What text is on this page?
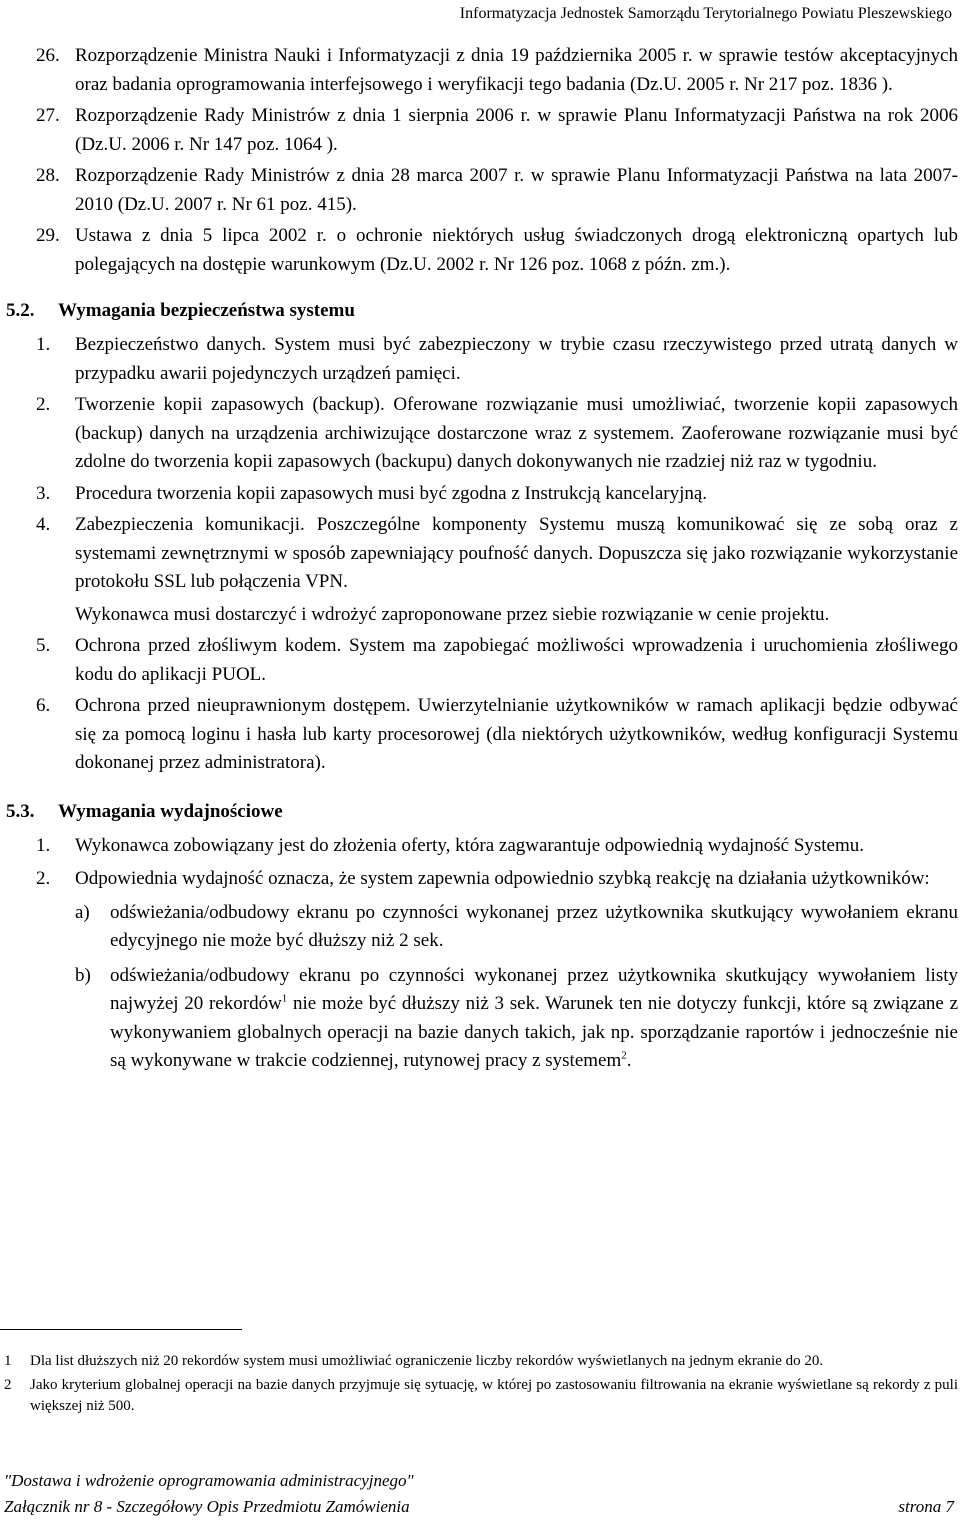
Informatyzacja Jednostek Samorządu Terytorialnego Powiatu Pleszewskiego
26. Rozporządzenie Ministra Nauki i Informatyzacji z dnia 19 października 2005 r. w sprawie testów akceptacyjnych oraz badania oprogramowania interfejsowego i weryfikacji tego badania (Dz.U. 2005 r. Nr 217 poz. 1836 ).
27. Rozporządzenie Rady Ministrów z dnia 1 sierpnia 2006 r. w sprawie Planu Informatyzacji Państwa na rok 2006 (Dz.U. 2006 r. Nr 147 poz. 1064 ).
28. Rozporządzenie Rady Ministrów z dnia 28 marca 2007 r. w sprawie Planu Informatyzacji Państwa na lata 2007-2010 (Dz.U. 2007 r. Nr 61 poz. 415).
29. Ustawa z dnia 5 lipca 2002 r. o ochronie niektórych usług świadczonych drogą elektroniczną opartych lub polegających na dostępie warunkowym (Dz.U. 2002 r. Nr 126 poz. 1068 z późn. zm.).
5.2. Wymagania bezpieczeństwa systemu
1. Bezpieczeństwo danych. System musi być zabezpieczony w trybie czasu rzeczywistego przed utratą danych w przypadku awarii pojedynczych urządzeń pamięci.
2. Tworzenie kopii zapasowych (backup). Oferowane rozwiązanie musi umożliwiać, tworzenie kopii zapasowych (backup) danych na urządzenia archiwizujące dostarczone wraz z systemem. Zaoferowane rozwiązanie musi być zdolne do tworzenia kopii zapasowych (backupu) danych dokonywanych nie rzadziej niż raz w tygodniu.
3. Procedura tworzenia kopii zapasowych musi być zgodna z Instrukcją kancelaryjną.
4. Zabezpieczenia komunikacji. Poszczególne komponenty Systemu muszą komunikować się ze sobą oraz z systemami zewnętrznymi w sposób zapewniający poufność danych. Dopuszcza się jako rozwiązanie wykorzystanie protokołu SSL lub połączenia VPN.
Wykonawca musi dostarczyć i wdrożyć zaproponowane przez siebie rozwiązanie w cenie projektu.
5. Ochrona przed złośliwym kodem. System ma zapobiegać możliwości wprowadzenia i uruchomienia złośliwego kodu do aplikacji PUOL.
6. Ochrona przed nieuprawnionym dostępem. Uwierzytelnianie użytkowników w ramach aplikacji będzie odbywać się za pomocą loginu i hasła lub karty procesorowej (dla niektórych użytkowników, według konfiguracji Systemu dokonanej przez administratora).
5.3. Wymagania wydajnościowe
1. Wykonawca zobowiązany jest do złożenia oferty, która zagwarantuje odpowiednią wydajność Systemu.
2. Odpowiednia wydajność oznacza, że system zapewnia odpowiednio szybką reakcję na działania użytkowników:
a) odświeżania/odbudowy ekranu po czynności wykonanej przez użytkownika skutkujący wywołaniem ekranu edycyjnego nie może być dłuższy niż 2 sek.
b) odświeżania/odbudowy ekranu po czynności wykonanej przez użytkownika skutkujący wywołaniem listy najwyżej 20 rekordów$^1$ nie może być dłuższy niż 3 sek. Warunek ten nie dotyczy funkcji, które są związane z wykonywaniem globalnych operacji na bazie danych takich, jak np. sporządzanie raportów i jednocześnie nie są wykonywane w trakcie codziennej, rutynowej pracy z systemem$^2$.
1 Dla list dłuższych niż 20 rekordów system musi umożliwiać ograniczenie liczby rekordów wyświetlanych na jednym ekranie do 20.
2 Jako kryterium globalnej operacji na bazie danych przyjmuje się sytuację, w której po zastosowaniu filtrowania na ekranie wyświetlane są rekordy z puli większej niż 500.
"Dostawa i wdrożenie oprogramowania administracyjnego"
Załącznik nr 8 - Szczegółowy Opis Przedmiotu Zamówienia	strona 7
